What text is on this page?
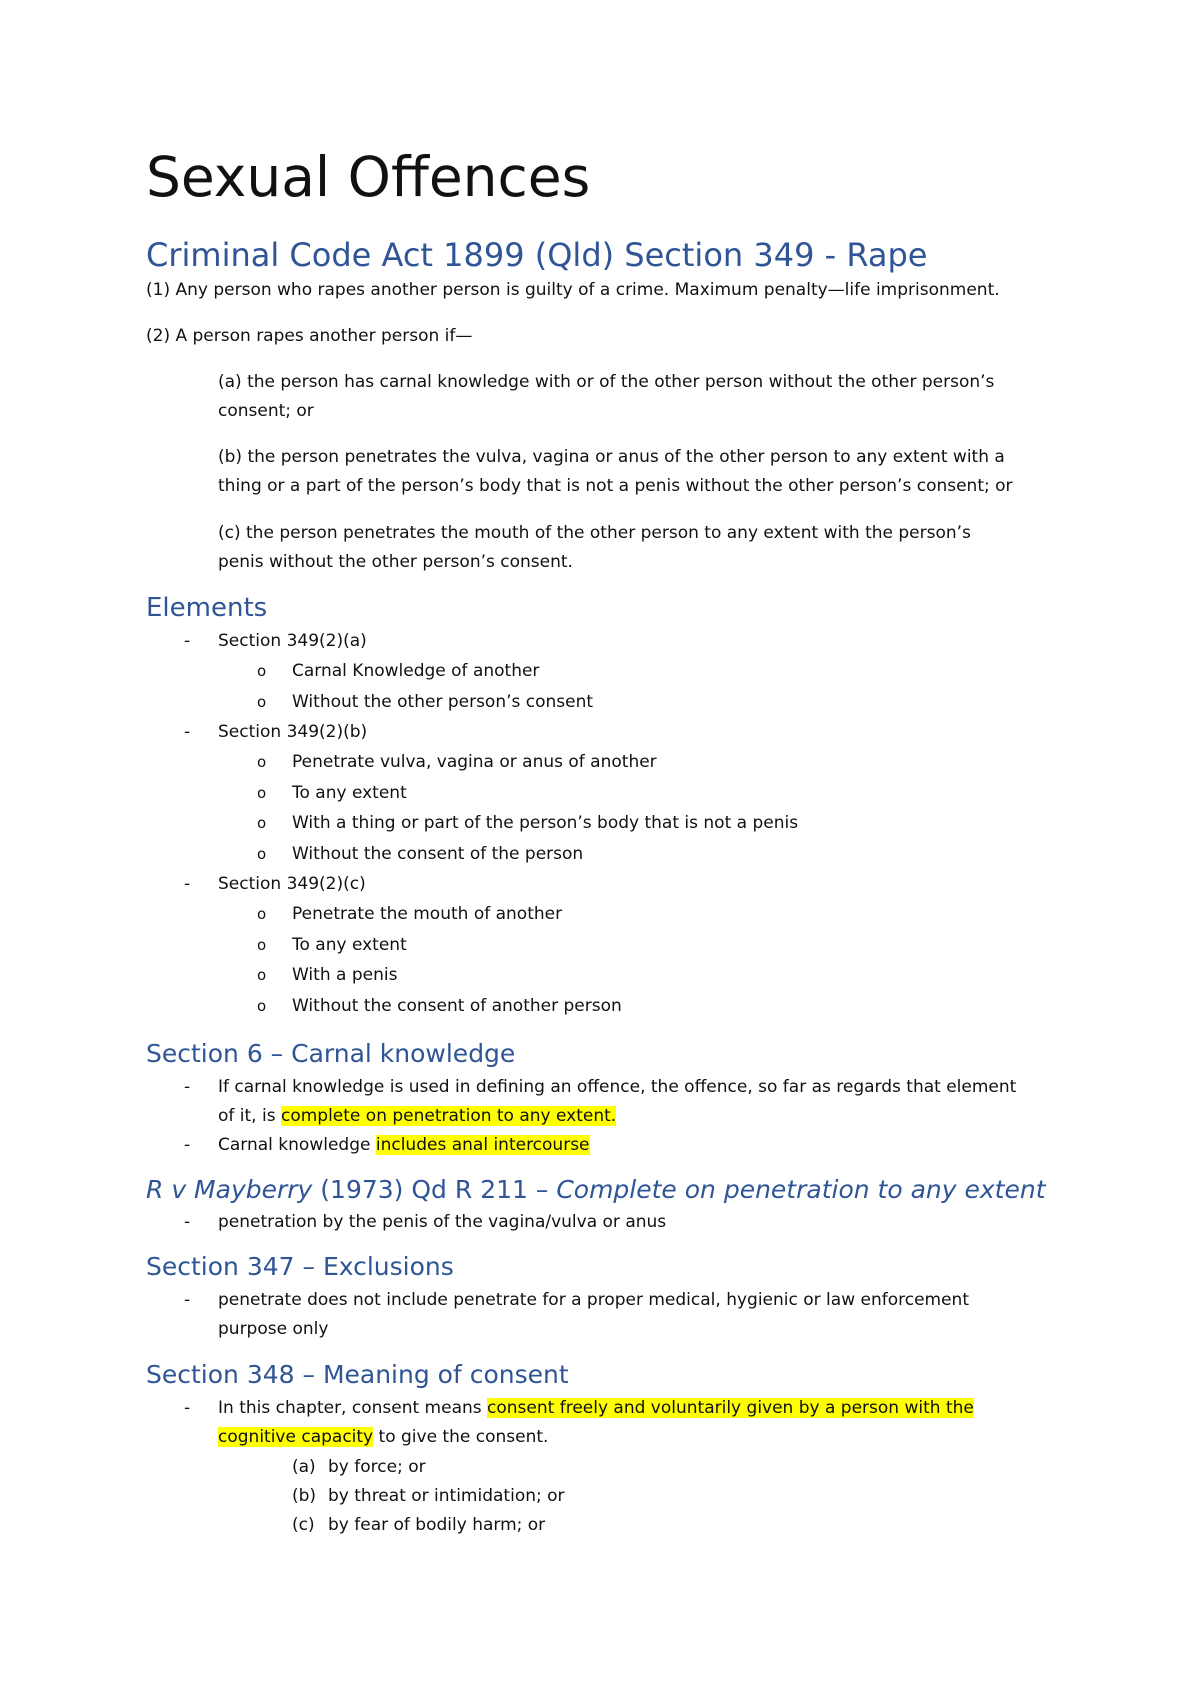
Sexual Offences
Criminal Code Act 1899 (Qld) Section 349 - Rape
(1) Any person who rapes another person is guilty of a crime. Maximum penalty—life imprisonment.
(2) A person rapes another person if—
(a) the person has carnal knowledge with or of the other person without the other person’s
consent; or
(b) the person penetrates the vulva, vagina or anus of the other person to any extent with a
thing or a part of the person’s body that is not a penis without the other person’s consent; or
(c) the person penetrates the mouth of the other person to any extent with the person’s
penis without the other person’s consent.
Elements
- Section 349(2)(a)
o Carnal Knowledge of another
o Without the other person’s consent
- Section 349(2)(b)
o Penetrate vulva, vagina or anus of another
o To any extent
o With a thing or part of the person’s body that is not a penis
o Without the consent of the person
- Section 349(2)(c)
o Penetrate the mouth of another
o To any extent
o With a penis
o Without the consent of another person
Section 6 – Carnal knowledge
- If carnal knowledge is used in defining an offence, the offence, so far as regards that element
of it, is complete on penetration to any extent.
- Carnal knowledge includes anal intercourse
R v Mayberry (1973) Qd R 211 – Complete on penetration to any extent
- penetration by the penis of the vagina/vulva or anus
Section 347 – Exclusions
- penetrate does not include penetrate for a proper medical, hygienic or law enforcement
purpose only
Section 348 – Meaning of consent
- In this chapter, consent means consent freely and voluntarily given by a person with the
cognitive capacity to give the consent.
(a) by force; or
(b) by threat or intimidation; or
(c) by fear of bodily harm; or
